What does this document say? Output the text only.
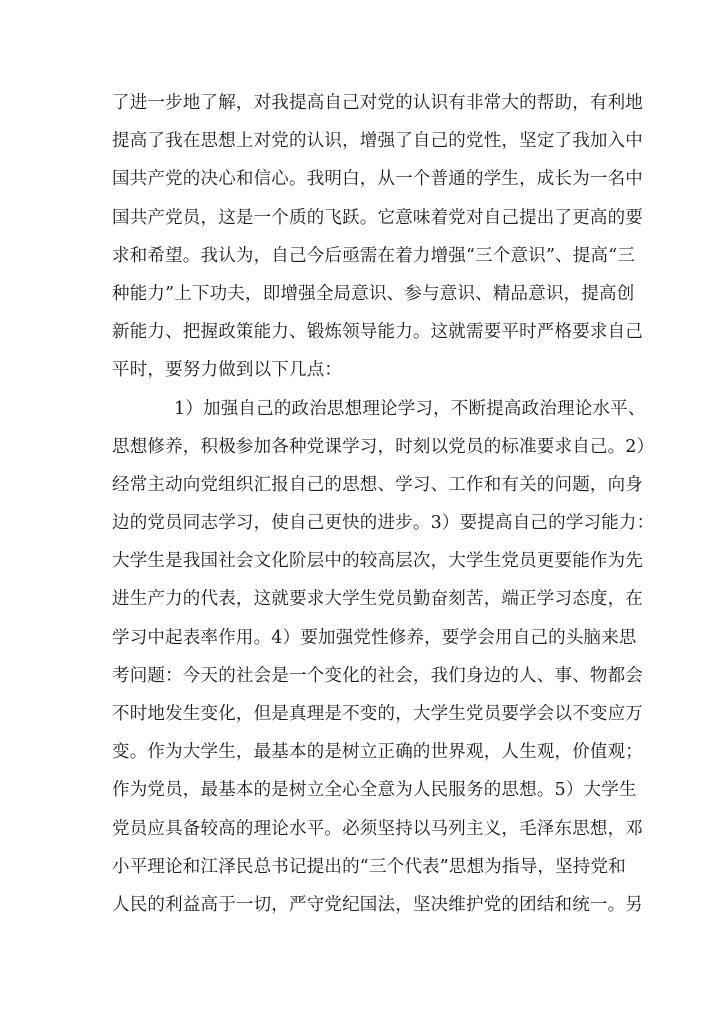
了进一步地了解，对我提高自己对党的认识有非常大的帮助，有利地
提高了我在思想上对党的认识，增强了自己的党性，坚定了我加入中
国共产党的决心和信心。我明白，从一个普通的学生，成长为一名中
国共产党员，这是一个质的飞跃。它意味着党对自己提出了更高的要
求和希望。我认为，自己今后亟需在着力增强“三个意识”、提高“三
种能力”上下功夫，即增强全局意识、参与意识、精品意识，提高创
新能力、把握政策能力、锻炼领导能力。这就需要平时严格要求自己
平时，要努力做到以下几点：
1）加强自己的政治思想理论学习，不断提高政治理论水平、
思想修养，积极参加各种党课学习，时刻以党员的标准要求自己。2）
经常主动向党组织汇报自己的思想、学习、工作和有关的问题，向身
边的党员同志学习，使自己更快的进步。3）要提高自己的学习能力：
大学生是我国社会文化阶层中的较高层次，大学生党员更要能作为先
进生产力的代表，这就要求大学生党员勤奋刻苦，端正学习态度，在
学习中起表率作用。4）要加强党性修养，要学会用自己的头脑来思
考问题：今天的社会是一个变化的社会，我们身边的人、事、物都会
不时地发生变化，但是真理是不变的，大学生党员要学会以不变应万
变。作为大学生，最基本的是树立正确的世界观，人生观，价值观；
作为党员，最基本的是树立全心全意为人民服务的思想。5）大学生
党员应具备较高的理论水平。必须坚持以马列主义，毛泽东思想，邓
小平理论和江泽民总书记提出的“三个代表”思想为指导，坚持党和
人民的利益高于一切，严守党纪国法，坚决维护党的团结和统一。另
